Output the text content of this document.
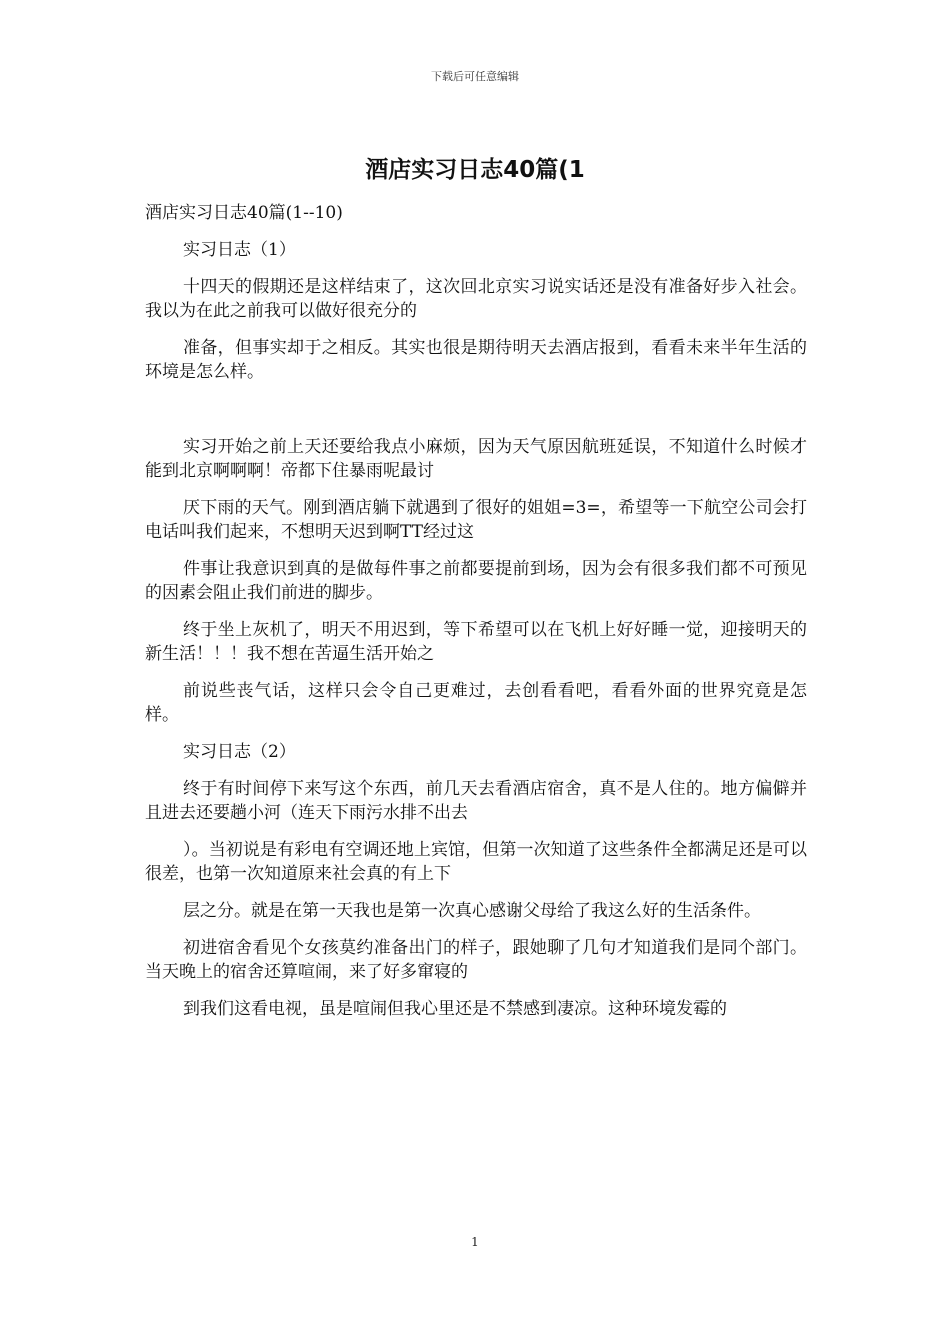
下载后可任意编辑
酒店实习日志40篇(1

酒店实习日志40篇(1--10)

实习日志（1）

十四天的假期还是这样结束了，这次回北京实习说实话还是没有准备好步入社会。我以为在此之前我可以做好很充分的

准备，但事实却于之相反。其实也很是期待明天去酒店报到，看看未来半年生活的环境是怎么样。

实习开始之前上天还要给我点小麻烦，因为天气原因航班延误，不知道什么时候才能到北京啊啊啊！帝都下住暴雨呢最讨

厌下雨的天气。刚到酒店躺下就遇到了很好的姐姐=3=，希望等一下航空公司会打电话叫我们起来，不想明天迟到啊TT经过这

件事让我意识到真的是做每件事之前都要提前到场，因为会有很多我们都不可预见的因素会阻止我们前进的脚步。

终于坐上灰机了，明天不用迟到，等下希望可以在飞机上好好睡一觉，迎接明天的新生活！！！我不想在苦逼生活开始之

前说些丧气话，这样只会令自己更难过，去创看看吧，看看外面的世界究竟是怎样。

实习日志（2）

终于有时间停下来写这个东西，前几天去看酒店宿舍，真不是人住的。地方偏僻并且进去还要趟小河（连天下雨污水排不出去

）。当初说是有彩电有空调还地上宾馆，但第一次知道了这些条件全都满足还是可以很差，也第一次知道原来社会真的有上下

层之分。就是在第一天我也是第一次真心感谢父母给了我这么好的生活条件。

初进宿舍看见个女孩莫约准备出门的样子，跟她聊了几句才知道我们是同个部门。当天晚上的宿舍还算喧闹，来了好多窜寝的

到我们这看电视，虽是喧闹但我心里还是不禁感到凄凉。这种环境发霉的

1
